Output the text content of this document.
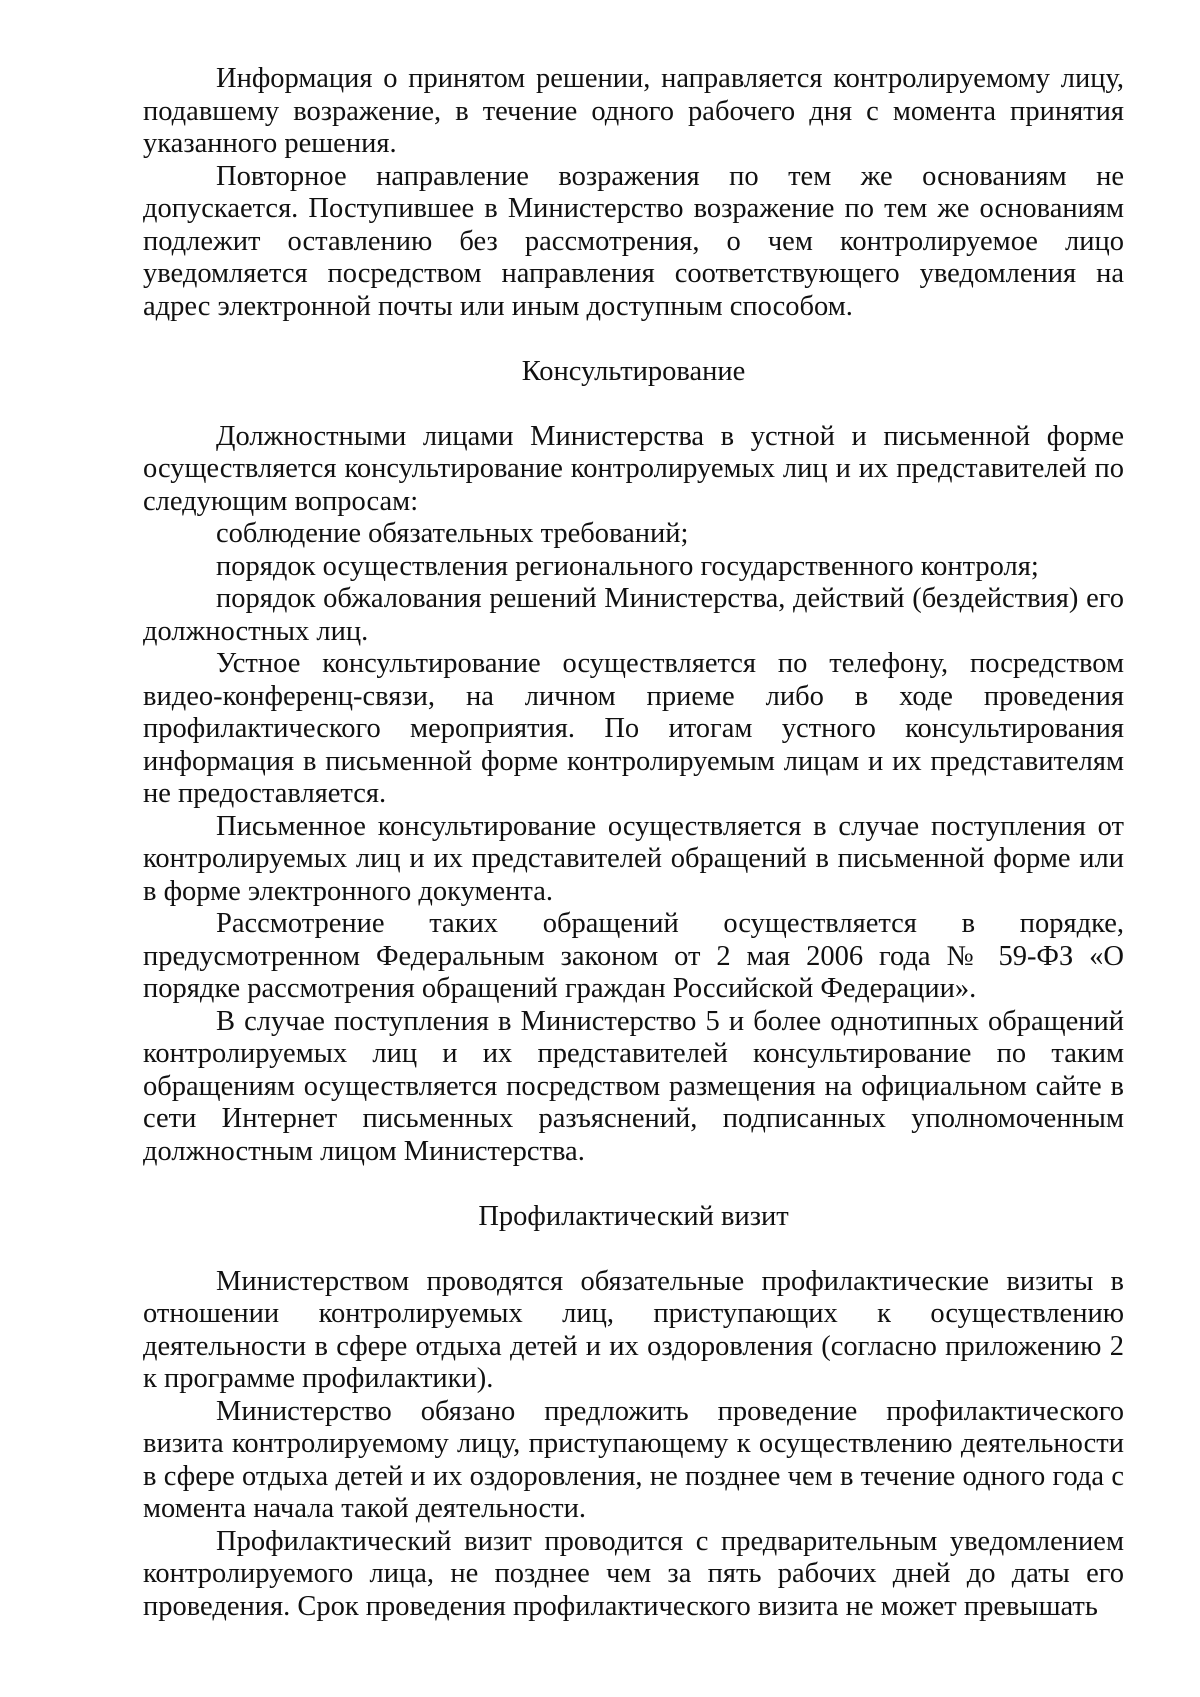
Информация о принятом решении, направляется контролируемому лицу, подавшему возражение, в течение одного рабочего дня с момента принятия указанного решения.

Повторное направление возражения по тем же основаниям не допускается. Поступившее в Министерство возражение по тем же основаниям подлежит оставлению без рассмотрения, о чем контролируемое лицо уведомляется посредством направления соответствующего уведомления на адрес электронной почты или иным доступным способом.

Консультирование

Должностными лицами Министерства в устной и письменной форме осуществляется консультирование контролируемых лиц и их представителей по следующим вопросам:

соблюдение обязательных требований;

порядок осуществления регионального государственного контроля;

порядок обжалования решений Министерства, действий (бездействия) его должностных лиц.

Устное консультирование осуществляется по телефону, посредством видео-конференц-связи, на личном приеме либо в ходе проведения профилактического мероприятия. По итогам устного консультирования информация в письменной форме контролируемым лицам и их представителям не предоставляется.

Письменное консультирование осуществляется в случае поступления от контролируемых лиц и их представителей обращений в письменной форме или в форме электронного документа.

Рассмотрение таких обращений осуществляется в порядке, предусмотренном Федеральным законом от 2 мая 2006 года № 59-ФЗ «О порядке рассмотрения обращений граждан Российской Федерации».

В случае поступления в Министерство 5 и более однотипных обращений контролируемых лиц и их представителей консультирование по таким обращениям осуществляется посредством размещения на официальном сайте в сети Интернет письменных разъяснений, подписанных уполномоченным должностным лицом Министерства.

Профилактический визит

Министерством проводятся обязательные профилактические визиты в отношении контролируемых лиц, приступающих к осуществлению деятельности в сфере отдыха детей и их оздоровления (согласно приложению 2 к программе профилактики).

Министерство обязано предложить проведение профилактического визита контролируемому лицу, приступающему к осуществлению деятельности в сфере отдыха детей и их оздоровления, не позднее чем в течение одного года с момента начала такой деятельности.

Профилактический визит проводится с предварительным уведомлением контролируемого лица, не позднее чем за пять рабочих дней до даты его проведения. Срок проведения профилактического визита не может превышать
